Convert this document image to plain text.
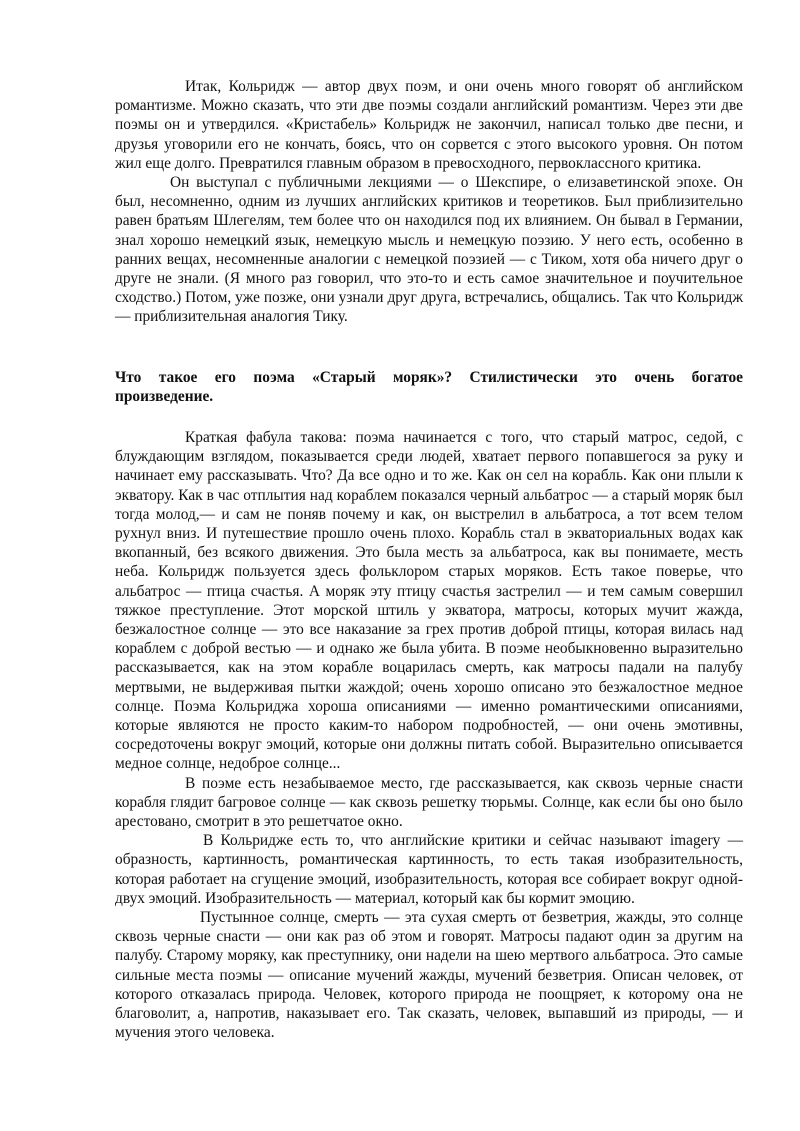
Итак, Кольридж — автор двух поэм, и они очень много говорят об английском романтизме. Можно сказать, что эти две поэмы создали английский романтизм. Через эти две поэмы он и утвердился. «Кристабель» Кольридж не закончил, написал только две песни, и друзья уговорили его не кончать, боясь, что он сорвется с этого высокого уровня. Он потом жил еще долго. Превратился главным образом в превосходного, первоклассного критика.

Он выступал с публичными лекциями — о Шекспире, о елизаветинской эпохе. Он был, несомненно, одним из лучших английских критиков и теоретиков. Был приблизительно равен братьям Шлегелям, тем более что он находился под их влиянием. Он бывал в Германии, знал хорошо немецкий язык, немецкую мысль и немецкую поэзию. У него есть, особенно в ранних вещах, несомненные аналогии с немецкой поэзией — с Тиком, хотя оба ничего друг о друге не знали. (Я много раз говорил, что это-то и есть самое значительное и поучительное сходство.) Потом, уже позже, они узнали друг друга, встречались, общались. Так что Кольридж — приблизительная аналогия Тику.

Что такое его поэма «Старый моряк»? Стилистически это очень богатое произведение.

Краткая фабула такова: поэма начинается с того, что старый матрос, седой, с блуждающим взглядом, показывается среди людей, хватает первого попавшегося за руку и начинает ему рассказывать. Что? Да все одно и то же. Как он сел на корабль. Как они плыли к экватору. Как в час отплытия над кораблем показался черный альбатрос — а старый моряк был тогда молод,— и сам не поняв почему и как, он выстрелил в альбатроса, а тот всем телом рухнул вниз. И путешествие прошло очень плохо. Корабль стал в экваториальных водах как вкопанный, без всякого движения. Это была месть за альбатроса, как вы понимаете, месть неба. Кольридж пользуется здесь фольклором старых моряков. Есть такое поверье, что альбатрос — птица счастья. А моряк эту птицу счастья застрелил — и тем самым совершил тяжкое преступление. Этот морской штиль у экватора, матросы, которых мучит жажда, безжалостное солнце — это все наказание за грех против доброй птицы, которая вилась над кораблем с доброй вестью — и однако же была убита. В поэме необыкновенно выразительно рассказывается, как на этом корабле воцарилась смерть, как матросы падали на палубу мертвыми, не выдерживая пытки жаждой; очень хорошо описано это безжалостное медное солнце. Поэма Кольриджа хороша описаниями — именно романтическими описаниями, которые являются не просто каким-то набором подробностей, — они очень эмотивны, сосредоточены вокруг эмоций, которые они должны питать собой. Выразительно описывается медное солнце, недоброе солнце...

В поэме есть незабываемое место, где рассказывается, как сквозь черные снасти корабля глядит багровое солнце — как сквозь решетку тюрьмы. Солнце, как если бы оно было арестовано, смотрит в это решетчатое окно.

В Кольридже есть то, что английские критики и сейчас называют imagery — образность, картинность, романтическая картинность, то есть такая изобразительность, которая работает на сгущение эмоций, изобразительность, которая все собирает вокруг одной-двух эмоций. Изобразительность — материал, который как бы кормит эмоцию.

Пустынное солнце, смерть — эта сухая смерть от безветрия, жажды, это солнце сквозь черные снасти — они как раз об этом и говорят. Матросы падают один за другим на палубу. Старому моряку, как преступнику, они надели на шею мертвого альбатроса. Это самые сильные места поэмы — описание мучений жажды, мучений безветрия. Описан человек, от которого отказалась природа. Человек, которого природа не поощряет, к которому она не благоволит, а, напротив, наказывает его. Так сказать, человек, выпавший из природы, — и мучения этого человека.
